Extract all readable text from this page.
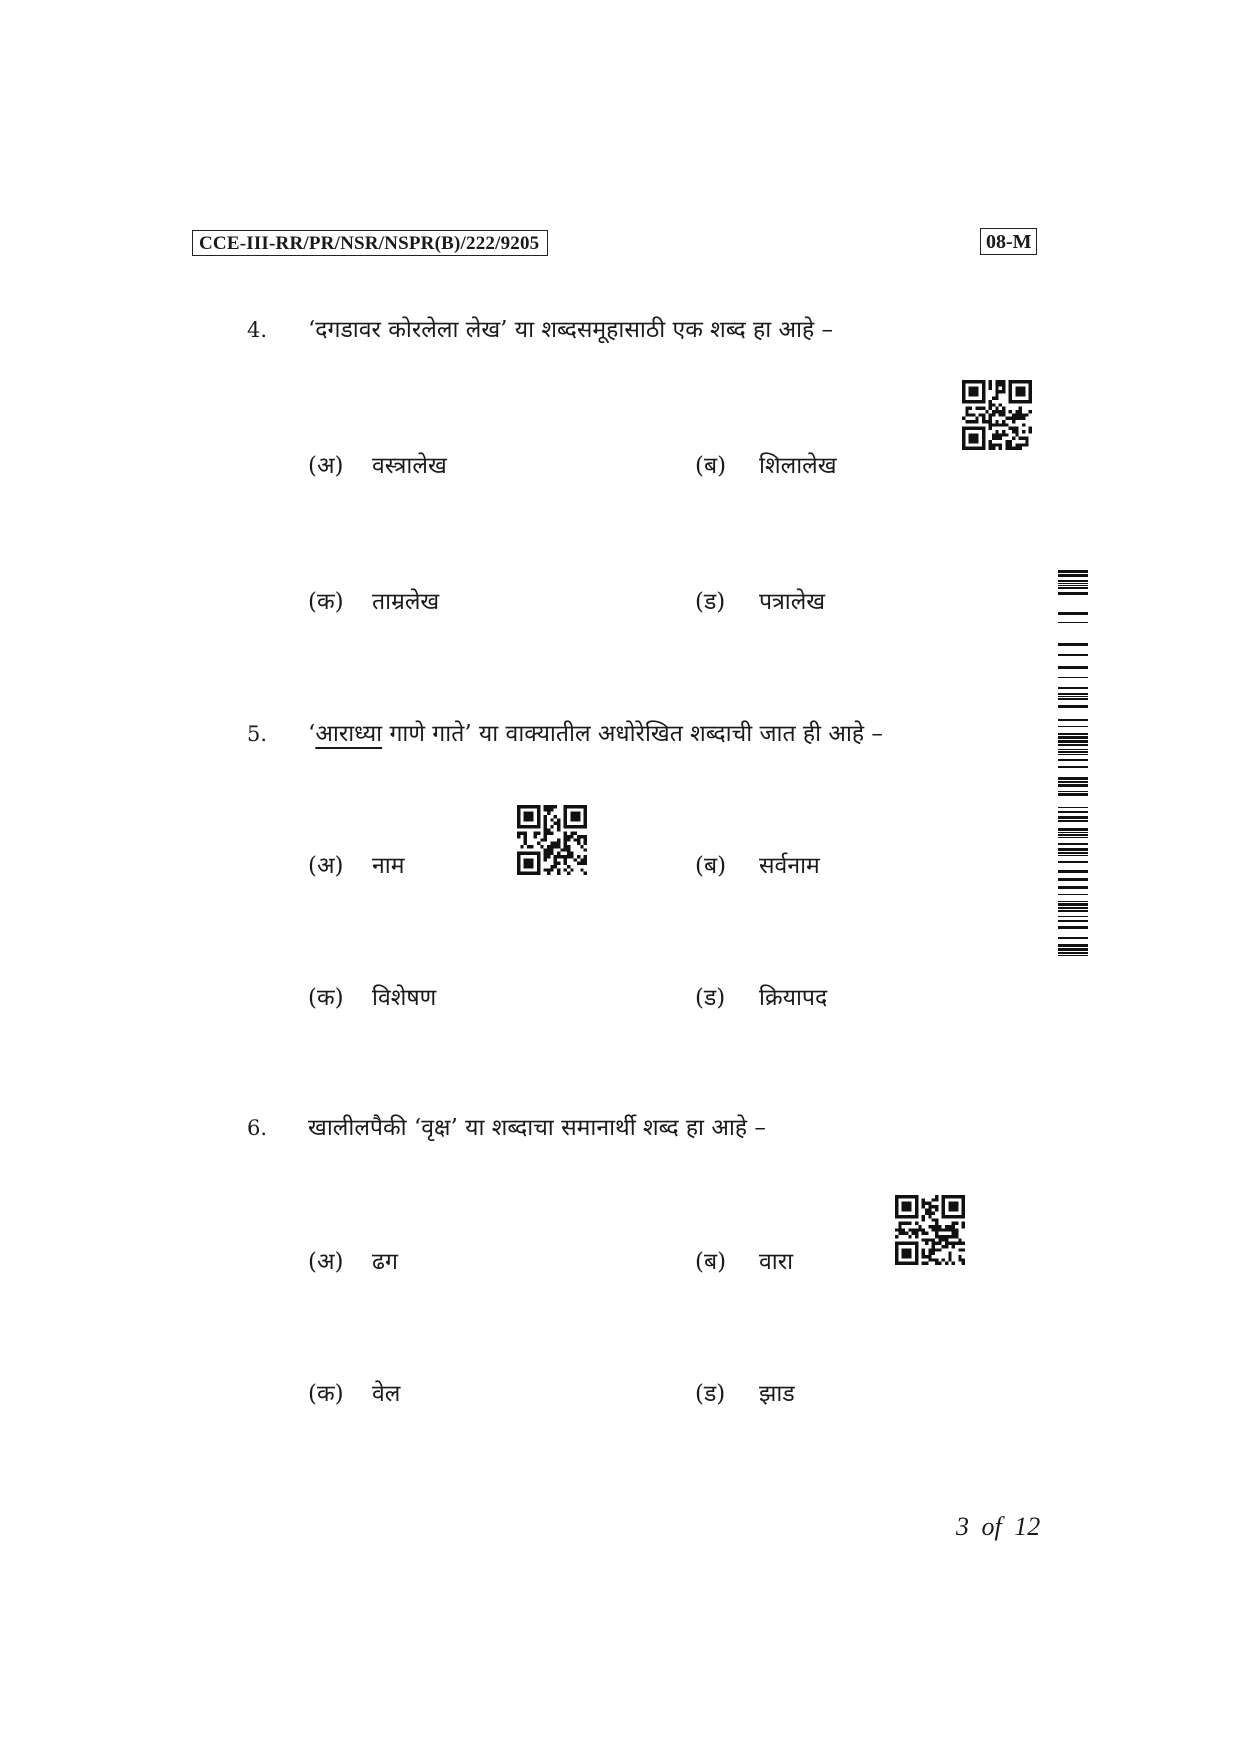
CCE-III-RR/PR/NSR/NSPR(B)/222/9205	08-M
4. ‘दगडावर कोरलेला लेख’ या शब्दसमूहासाठी एक शब्द हा आहे –
(अ) वस्त्रालेख	(ब) शिलालेख
(क) ताम्रलेख	(ड) पत्रालेख
5. ‘आराध्या गाणे गाते’ या वाक्यातील अधोरेखित शब्दाची जात ही आहे –
(अ) नाम	(ब) सर्वनाम
(क) विशेषण	(ड) क्रियापद
6. खालीलपैकी ‘वृक्ष’ या शब्दाचा समानार्थी शब्द हा आहे –
(अ) ढग	(ब) वारा
(क) वेल	(ड) झाड
3 of 12
